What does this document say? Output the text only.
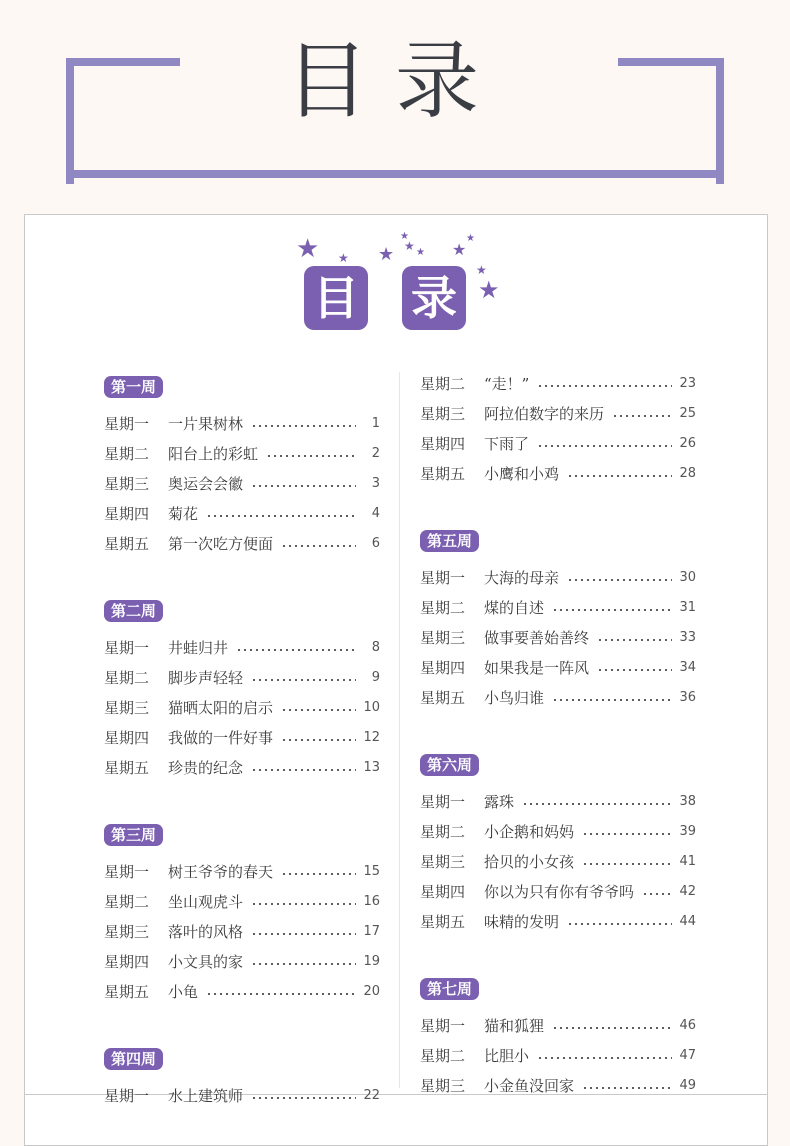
目录
★ ★ ★
★
★ ★ ★
★
★
★
目 录
第一周
星期一 一片果树林	1
星期二 阳台上的彩虹	2
星期三 奥运会会徽	3
星期四 菊花	4
星期五 第一次吃方便面	6
第二周
星期一 井蛙归井	8
星期二 脚步声轻轻	9
星期三 猫晒太阳的启示	10
星期四 我做的一件好事	12
星期五 珍贵的纪念	13
第三周
星期一 树王爷爷的春天	15
星期二 坐山观虎斗	16
星期三 落叶的风格	17
星期四 小文具的家	19
星期五 小龟	20
第四周
星期一 水上建筑师	22
星期二 “走！”	23
星期三 阿拉伯数字的来历	25
星期四 下雨了	26
星期五 小鹰和小鸡	28
第五周
星期一 大海的母亲	30
星期二 煤的自述	31
星期三 做事要善始善终	33
星期四 如果我是一阵风	34
星期五 小鸟归谁	36
第六周
星期一 露珠	38
星期二 小企鹅和妈妈	39
星期三 拾贝的小女孩	41
星期四 你以为只有你有爷爷吗	42
星期五 味精的发明	44
第七周
星期一 猫和狐狸	46
星期二 比胆小	47
星期三 小金鱼没回家	49
